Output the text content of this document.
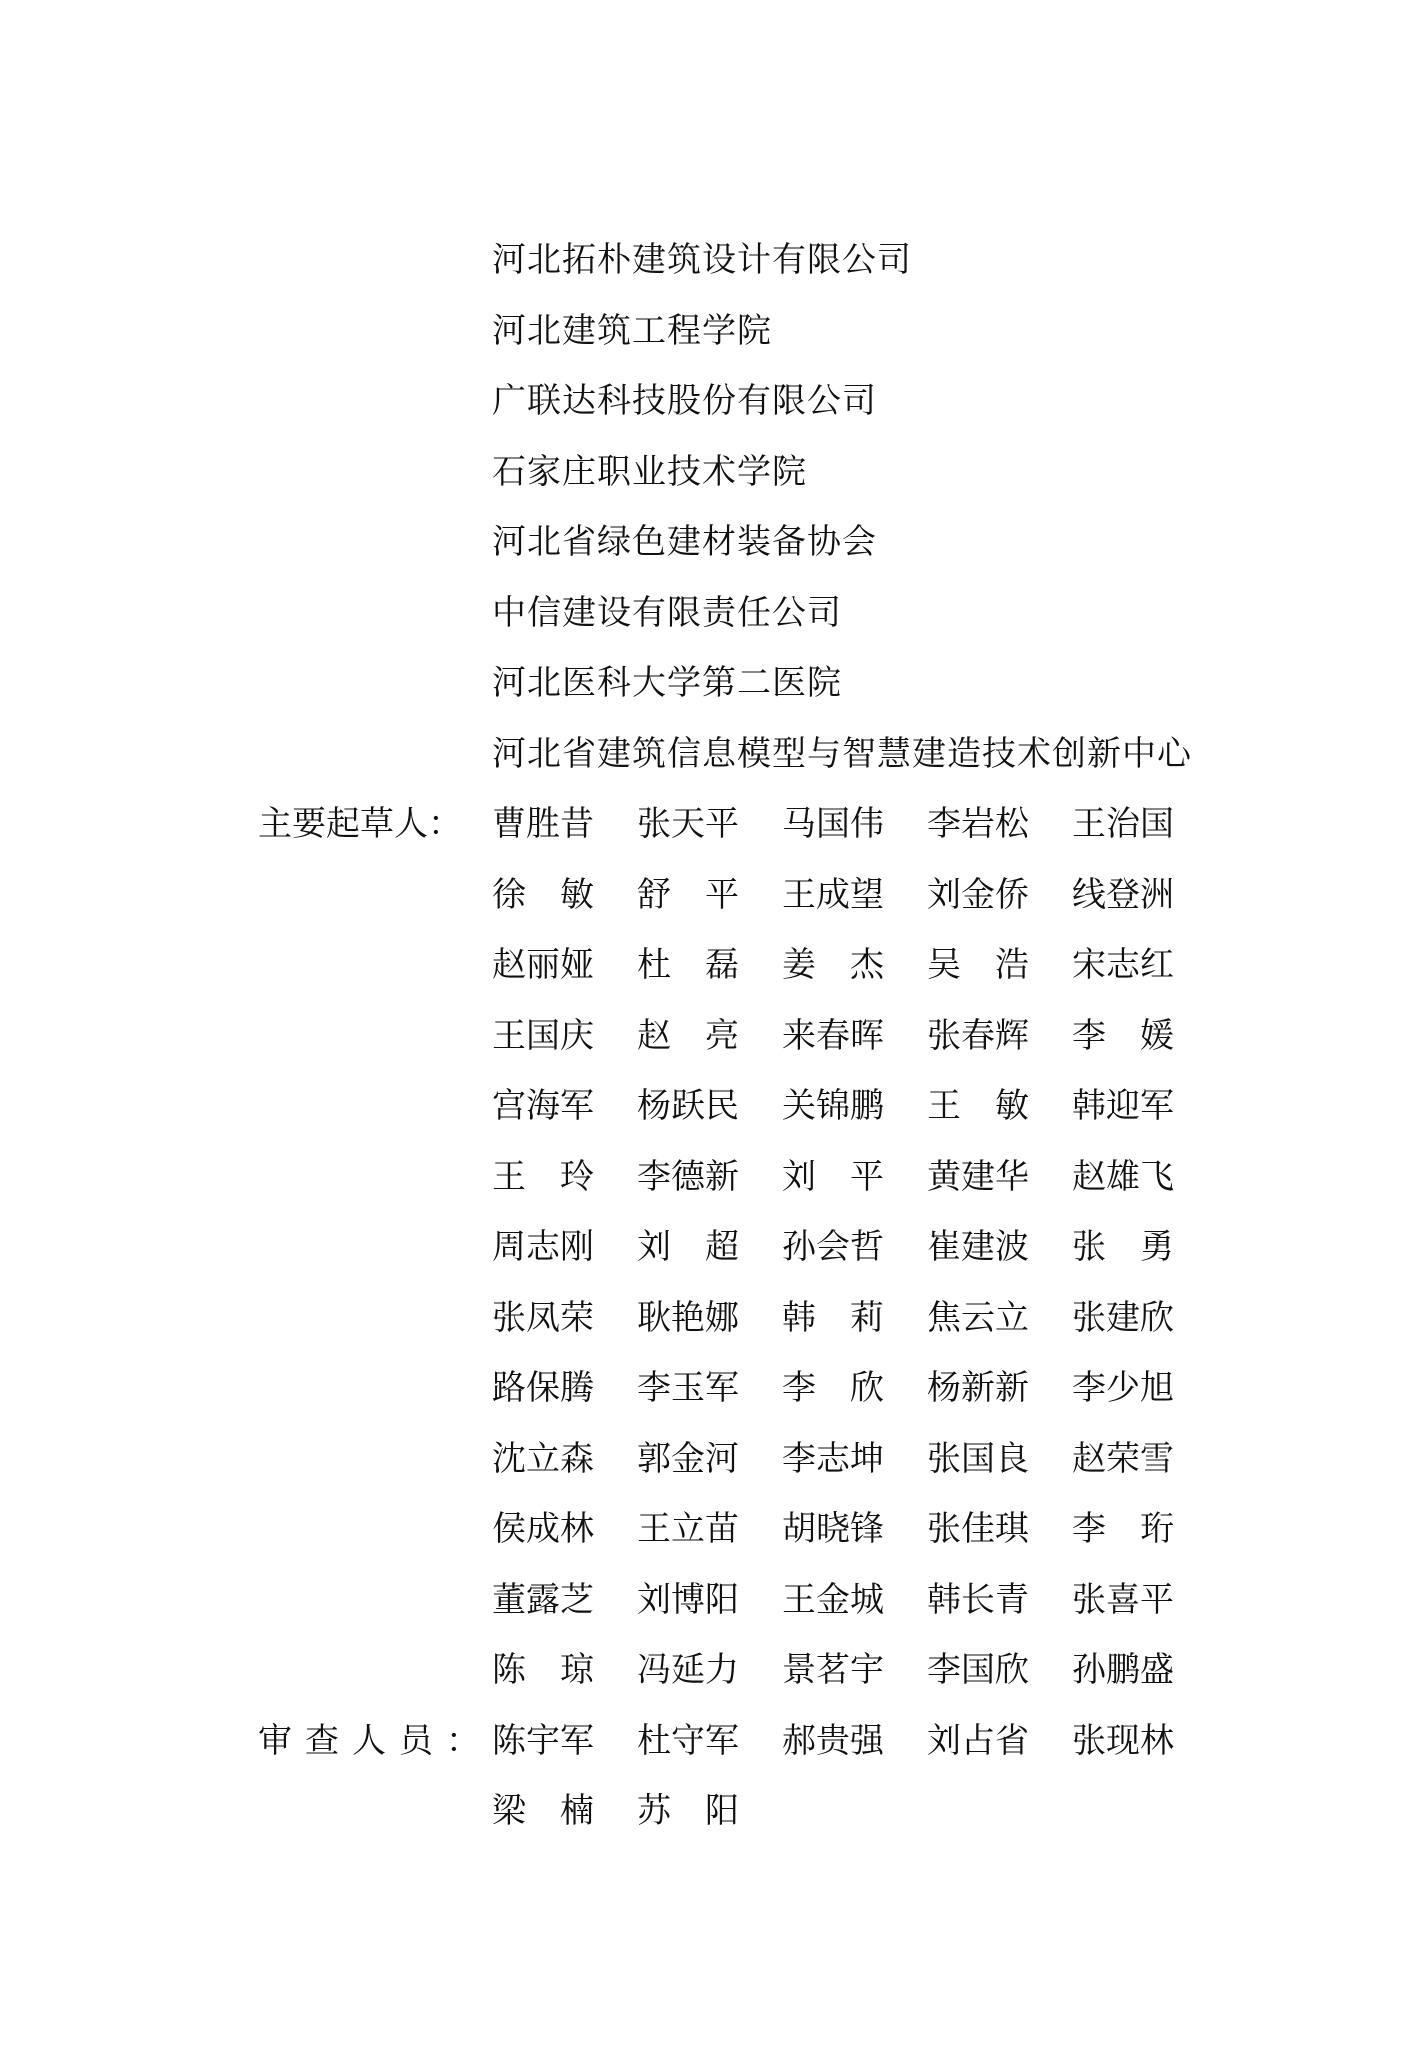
河北拓朴建筑设计有限公司
河北建筑工程学院
广联达科技股份有限公司
石家庄职业技术学院
河北省绿色建材装备协会
中信建设有限责任公司
河北医科大学第二医院
河北省建筑信息模型与智慧建造技术创新中心
主要起草人： 曹胜昔	张天平	马国伟	李岩松	王治国
徐　敏	舒　平	王成望	刘金侨	线登洲
赵丽娅	杜　磊	姜　杰	吴　浩	宋志红
王国庆	赵　亮	来春晖	张春辉	李　媛
宫海军	杨跃民	关锦鹏	王　敏	韩迎军
王　玲	李德新	刘　平	黄建华	赵雄飞
周志刚	刘　超	孙会哲	崔建波	张　勇
张凤荣	耿艳娜	韩　莉	焦云立	张建欣
路保腾	李玉军	李　欣	杨新新	李少旭
沈立森	郭金河	李志坤	张国良	赵荣雪
侯成林	王立苗	胡晓锋	张佳琪	李　珩
董露芝	刘博阳	王金城	韩长青	张喜平
陈　琼	冯延力	景茗宇	李国欣	孙鹏盛
审查人员： 陈宇军	杜守军	郝贵强	刘占省	张现林
梁　楠	苏　阳
